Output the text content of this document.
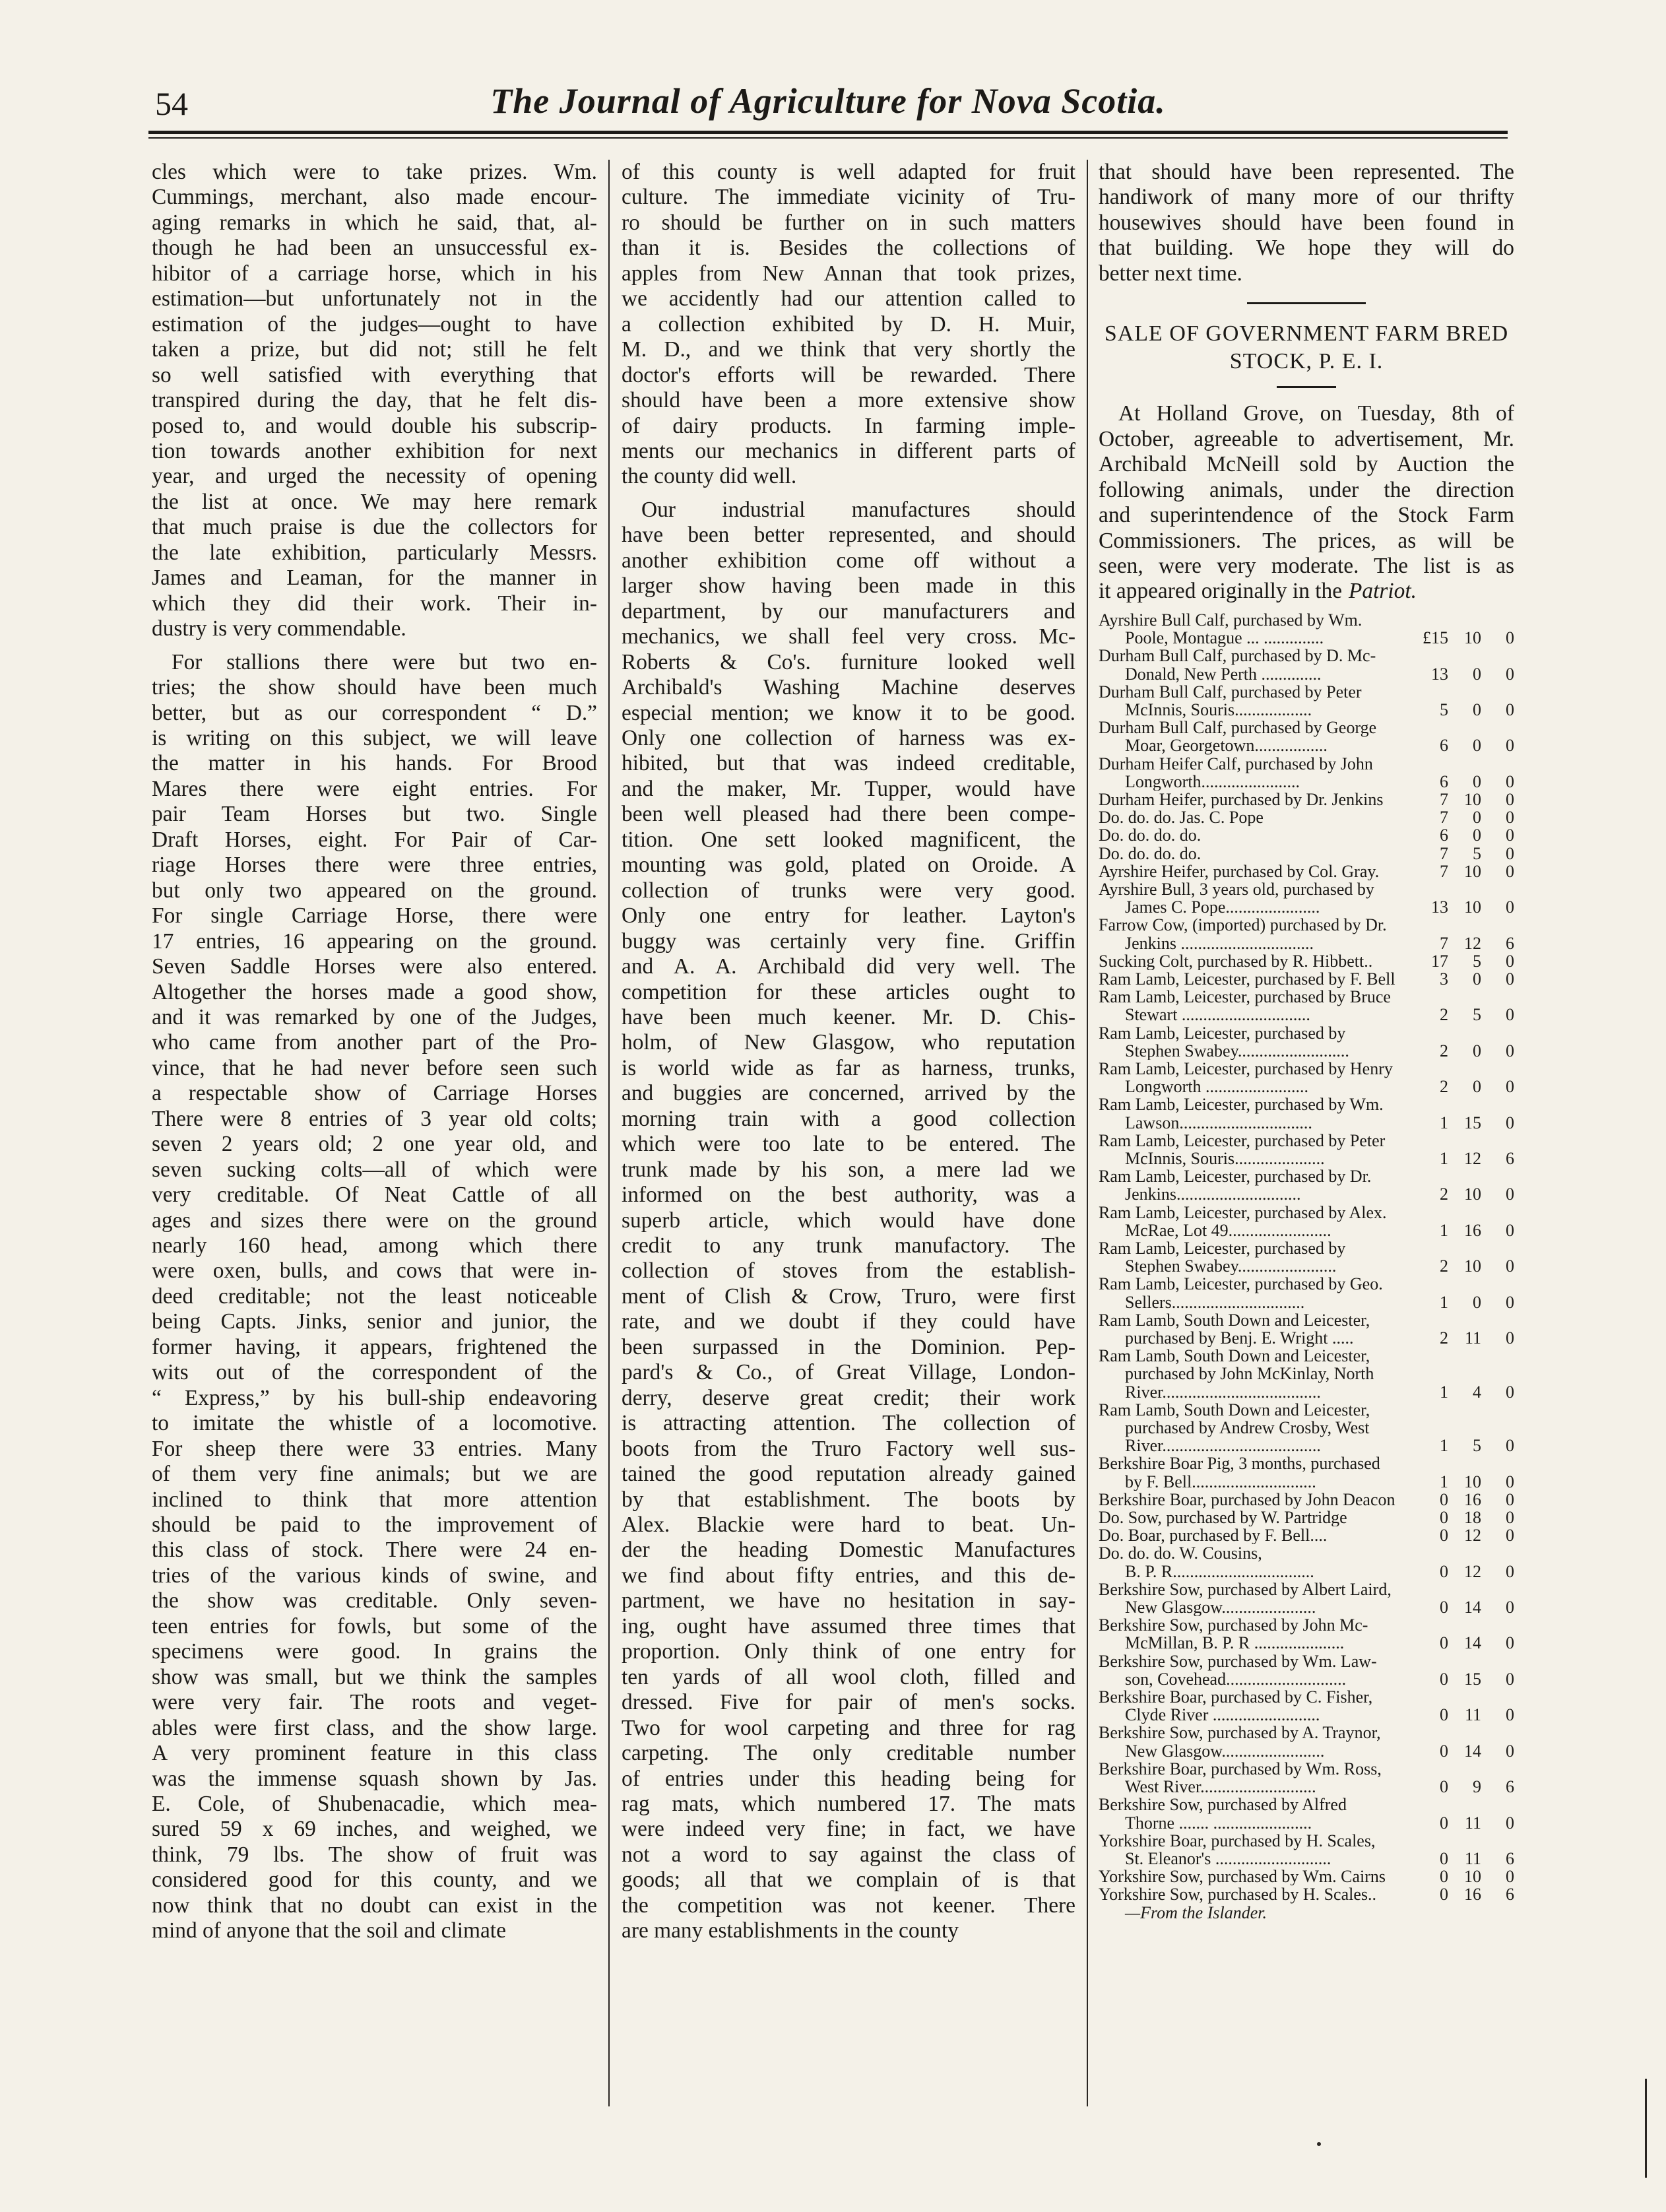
54	The Journal of Agriculture for Nova Scotia.
cles which were to take prizes. Wm.
Cummings, merchant, also made encour-
aging remarks in which he said, that, al-
though he had been an unsuccessful ex-
hibitor of a carriage horse, which in his
estimation—but unfortunately not in the
estimation of the judges—ought to have
taken a prize, but did not; still he felt
so well satisfied with everything that
transpired during the day, that he felt dis-
posed to, and would double his subscrip-
tion towards another exhibition for next
year, and urged the necessity of opening
the list at once. We may here remark
that much praise is due the collectors for
the late exhibition, particularly Messrs.
James and Leaman, for the manner in
which they did their work. Their in-
dustry is very commendable.
For stallions there were but two en-
tries; the show should have been much
better, but as our correspondent “ D.”
is writing on this subject, we will leave
the matter in his hands. For Brood
Mares there were eight entries. For
pair Team Horses but two. Single
Draft Horses, eight. For Pair of Car-
riage Horses there were three entries,
but only two appeared on the ground.
For single Carriage Horse, there were
17 entries, 16 appearing on the ground.
Seven Saddle Horses were also entered.
Altogether the horses made a good show,
and it was remarked by one of the Judges,
who came from another part of the Pro-
vince, that he had never before seen such
a respectable show of Carriage Horses
There were 8 entries of 3 year old colts;
seven 2 years old; 2 one year old, and
seven sucking colts—all of which were
very creditable. Of Neat Cattle of all
ages and sizes there were on the ground
nearly 160 head, among which there
were oxen, bulls, and cows that were in-
deed creditable; not the least noticeable
being Capts. Jinks, senior and junior, the
former having, it appears, frightened the
wits out of the correspondent of the
“ Express,” by his bull-ship endeavoring
to imitate the whistle of a locomotive.
For sheep there were 33 entries. Many
of them very fine animals; but we are
inclined to think that more attention
should be paid to the improvement of
this class of stock. There were 24 en-
tries of the various kinds of swine, and
the show was creditable. Only seven-
teen entries for fowls, but some of the
specimens were good. In grains the
show was small, but we think the samples
were very fair. The roots and veget-
ables were first class, and the show large.
A very prominent feature in this class
was the immense squash shown by Jas.
E. Cole, of Shubenacadie, which mea-
sured 59 x 69 inches, and weighed, we
think, 79 lbs. The show of fruit was
considered good for this county, and we
now think that no doubt can exist in the
mind of anyone that the soil and climate
of this county is well adapted for fruit
culture. The immediate vicinity of Tru-
ro should be further on in such matters
than it is. Besides the collections of
apples from New Annan that took prizes,
we accidently had our attention called to
a collection exhibited by D. H. Muir,
M. D., and we think that very shortly the
doctor's efforts will be rewarded. There
should have been a more extensive show
of dairy products. In farming imple-
ments our mechanics in different parts of
the county did well.
Our industrial manufactures should
have been better represented, and should
another exhibition come off without a
larger show having been made in this
department, by our manufacturers and
mechanics, we shall feel very cross. Mc-
Roberts & Co's. furniture looked well
Archibald's Washing Machine deserves
especial mention; we know it to be good.
Only one collection of harness was ex-
hibited, but that was indeed creditable,
and the maker, Mr. Tupper, would have
been well pleased had there been compe-
tition. One sett looked magnificent, the
mounting was gold, plated on Oroide. A
collection of trunks were very good.
Only one entry for leather. Layton's
buggy was certainly very fine. Griffin
and A. A. Archibald did very well. The
competition for these articles ought to
have been much keener. Mr. D. Chis-
holm, of New Glasgow, who reputation
is world wide as far as harness, trunks,
and buggies are concerned, arrived by the
morning train with a good collection
which were too late to be entered. The
trunk made by his son, a mere lad we
informed on the best authority, was a
superb article, which would have done
credit to any trunk manufactory. The
collection of stoves from the establish-
ment of Clish & Crow, Truro, were first
rate, and we doubt if they could have
been surpassed in the Dominion. Pep-
pard's & Co., of Great Village, London-
derry, deserve great credit; their work
is attracting attention. The collection of
boots from the Truro Factory well sus-
tained the good reputation already gained
by that establishment. The boots by
Alex. Blackie were hard to beat. Un-
der the heading Domestic Manufactures
we find about fifty entries, and this de-
partment, we have no hesitation in say-
ing, ought have assumed three times that
proportion. Only think of one entry for
ten yards of all wool cloth, filled and
dressed. Five for pair of men's socks.
Two for wool carpeting and three for rag
carpeting. The only creditable number
of entries under this heading being for
rag mats, which numbered 17. The mats
were indeed very fine; in fact, we have
not a word to say against the class of
goods; all that we complain of is that
the competition was not keener. There
are many establishments in the county
that should have been represented. The
handiwork of many more of our thrifty
housewives should have been found in
that building. We hope they will do
better next time.
SALE OF GOVERNMENT FARM BRED
STOCK, P. E. I.
At Holland Grove, on Tuesday, 8th of
October, agreeable to advertisement, Mr.
Archibald McNeill sold by Auction the
following animals, under the direction
and superintendence of the Stock Farm
Commissioners. The prices, as will be
seen, were very moderate. The list is as
it appeared originally in the Patriot.
Ayrshire Bull Calf, purchased by Wm.
Poole, Montague ... ..............	£15 10	0
Durham Bull Calf, purchased by D. Mc-
Donald, New Perth ..............	13	0	0
Durham Bull Calf, purchased by Peter
McInnis, Souris..................	5	0	0
Durham Bull Calf, purchased by George
Moar, Georgetown.................	6	0	0
Durham Heifer Calf, purchased by John
Longworth.......................	6	0	0
Durham Heifer, purchased by Dr. Jenkins	7 10	0
Do. do. do. Jas. C. Pope	7	0	0
Do. do. do. do.	6	0	0
Do. do. do. do.	7	5	0
Ayrshire Heifer, purchased by Col. Gray.	7 10	0
Ayrshire Bull, 3 years old, purchased by
James C. Pope......................	13 10	0
Farrow Cow, (imported) purchased by Dr.
Jenkins ...............................	7 12	6
Sucking Colt, purchased by R. Hibbett..	17	5	0
Ram Lamb, Leicester, purchased by F. Bell	3	0	0
Ram Lamb, Leicester, purchased by Bruce
Stewart ..............................	2	5	0
Ram Lamb, Leicester, purchased by
Stephen Swabey..........................	2	0	0
Ram Lamb, Leicester, purchased by Henry
Longworth ........................	2	0	0
Ram Lamb, Leicester, purchased by Wm.
Lawson...............................	1 15	0
Ram Lamb, Leicester, purchased by Peter
McInnis, Souris.....................	1 12	6
Ram Lamb, Leicester, purchased by Dr.
Jenkins.............................	2 10	0
Ram Lamb, Leicester, purchased by Alex.
McRae, Lot 49........................	1 16	0
Ram Lamb, Leicester, purchased by
Stephen Swabey.......................	2 10	0
Ram Lamb, Leicester, purchased by Geo.
Sellers...............................	1	0	0
Ram Lamb, South Down and Leicester,
purchased by Benj. E. Wright .....	2 11	0
Ram Lamb, South Down and Leicester,
purchased by John McKinlay, North
River.....................................	1	4	0
Ram Lamb, South Down and Leicester,
purchased by Andrew Crosby, West
River.....................................	1	5	0
Berkshire Boar Pig, 3 months, purchased
by F. Bell.............................	1 10	0
Berkshire Boar, purchased by John Deacon	0 16	0
Do. Sow, purchased by W. Partridge	0 18	0
Do. Boar, purchased by F. Bell....	0 12	0
Do. do. do. W. Cousins,
B. P. R.................................	0 12	0
Berkshire Sow, purchased by Albert Laird,
New Glasgow......................	0 14	0
Berkshire Sow, purchased by John Mc-
McMillan, B. P. R .....................	0 14	0
Berkshire Sow, purchased by Wm. Law-
son, Covehead............................	0 15	0
Berkshire Boar, purchased by C. Fisher,
Clyde River .........................	0 11	0
Berkshire Sow, purchased by A. Traynor,
New Glasgow........................	0 14	0
Berkshire Boar, purchased by Wm. Ross,
West River...........................	0	9	6
Berkshire Sow, purchased by Alfred
Thorne ....... .......................	0 11	0
Yorkshire Boar, purchased by H. Scales,
St. Eleanor's ...........................	0 11	6
Yorkshire Sow, purchased by Wm. Cairns	0 10	0
Yorkshire Sow, purchased by H. Scales..	0 16	6
—From the Islander.
